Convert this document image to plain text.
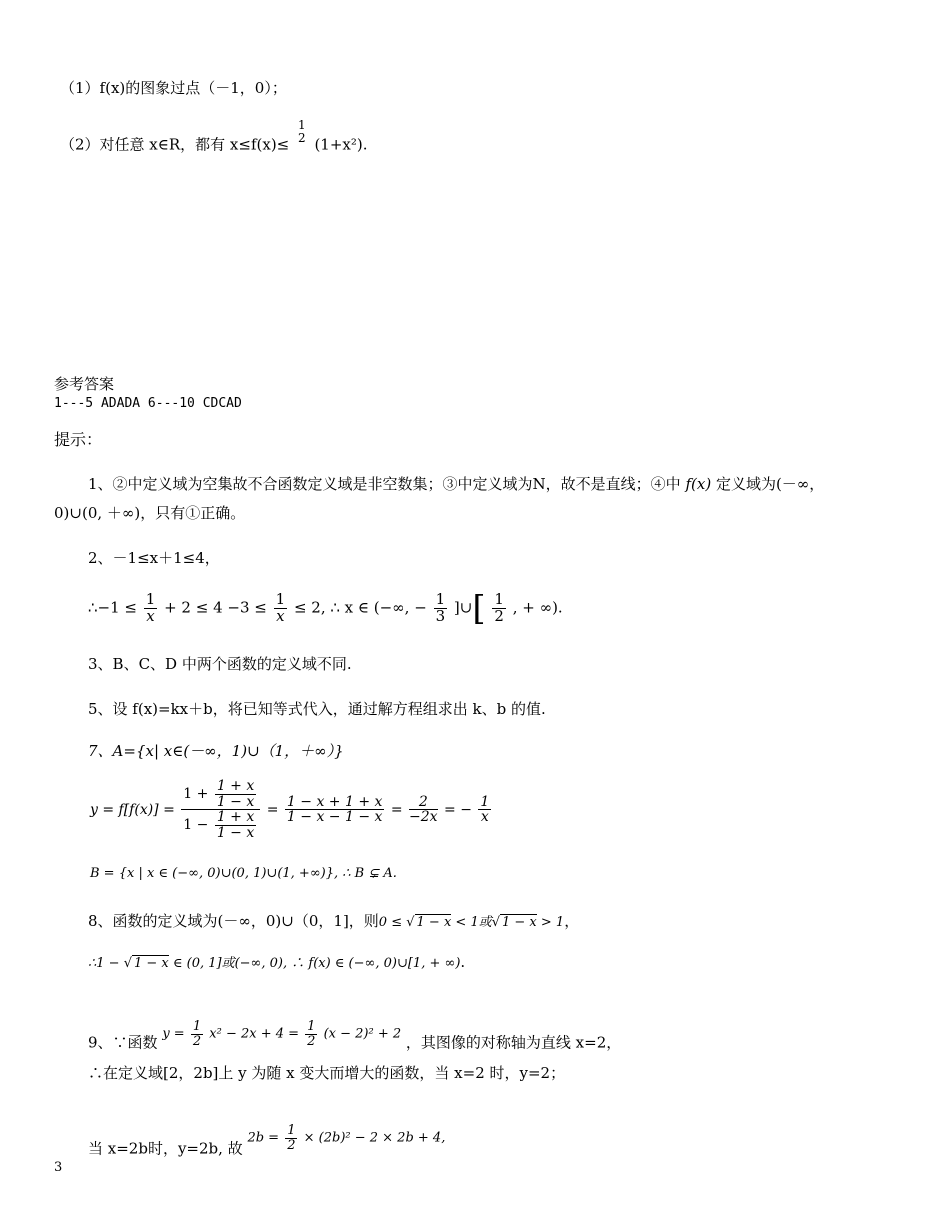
（1）f(x)的图象过点（－1，0）；
（2）对任意 x∈R，都有 x≤f(x)≤
1
2 (1+x²).
参考答案
1---5 ADADA 6---10 CDCAD
提示：
1、②中定义域为空集故不合函数定义域是非空数集；③中定义域为N，故不是直线；④中 f(x) 定义域为(－∞，
0)∪(0, ＋∞)，只有①正确。
2、－1≤x＋1≤4，
∴−1 ≤ $\frac{1}{x} + 2 \le 4 -3 \le \frac{1}{x} \le 2$, ∴ x ∈ (−∞, − $\frac{1}{3}$ ]∪[ $\frac{1}{2}$ , + ∞).
3、B、C、D 中两个函数的定义域不同.
5、设 f(x)=kx＋b，将已知等式代入，通过解方程组求出 k、b 的值.
7、A={x| x∈(－∞，1)∪（1，＋∞）}
$y = f[f(x)] = \frac{1 + \frac{1 + x}{1 - x}}{1 - \frac{1 + x}{1 - x}} = \frac{1 - x + 1 + x}{1 - x - 1 - x} = \frac{2}{-2x}$ = − $\frac{1}{x}$
B = {x | x ∈ (−∞, 0)∪(0, 1)∪(1, +∞)}, ∴ B ⊊ A.
8、函数的定义域为(－∞，0)∪（0，1]，则0 ≤ √ 1 − x < 1或√ 1 − x > 1，
∴1 − √ 1 − x ∈ (0, 1]或(−∞, 0), ∴ f(x) ∈ (−∞, 0)∪[1, + ∞).
9、∵函数 $y = \frac{1}{2} x^2 - 2x + 4 = \frac{1}{2} (x - 2)^2 + 2$ ，其图像的对称轴为直线 x=2，
∴在定义域[2，2b]上 y 为随 x 变大而增大的函数，当 x=2 时，y=2；
当 x=2b时，y=2b, 故 $2b = \frac{1}{2} \times (2b)^2 - 2 \times 2b + 4$,
3
